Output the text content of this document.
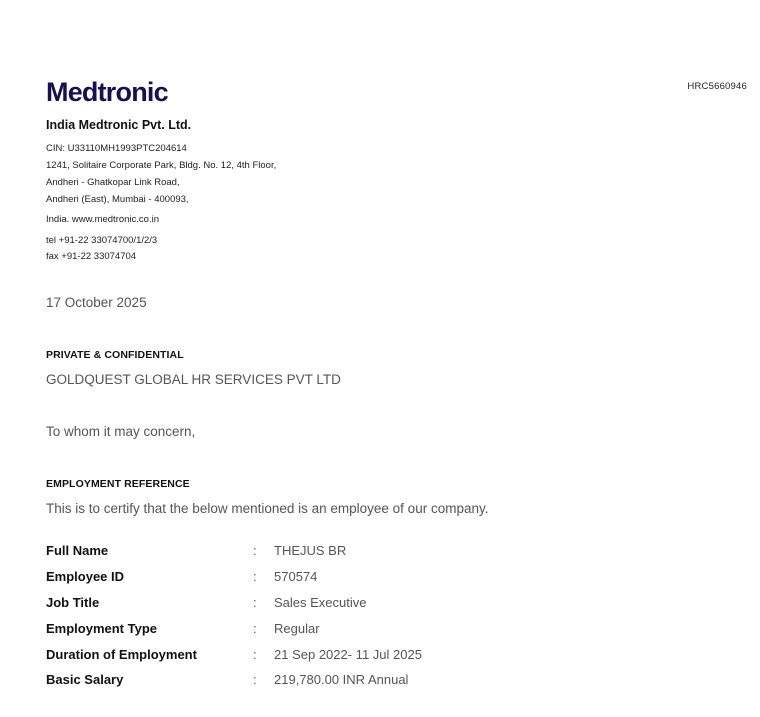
Medtronic	HRC5660946
India Medtronic Pvt. Ltd.
CIN: U33110MH1993PTC204614
1241, Solitaire Corporate Park, Bldg. No. 12, 4th Floor,
Andheri - Ghatkopar Link Road,
Andheri (East), Mumbai - 400093,
India. www.medtronic.co.in
tel +91-22 33074700/1/2/3
fax +91-22 33074704
17 October 2025
PRIVATE & CONFIDENTIAL
GOLDQUEST GLOBAL HR SERVICES PVT LTD
To whom it may concern,
EMPLOYMENT REFERENCE
This is to certify that the below mentioned is an employee of our company.
Full Name	: THEJUS BR
Employee ID	: 570574
Job Title	: Sales Executive
Employment Type	: Regular
Duration of Employment	: 21 Sep 2022- 11 Jul 2025
Basic Salary	: 219,780.00 INR Annual
